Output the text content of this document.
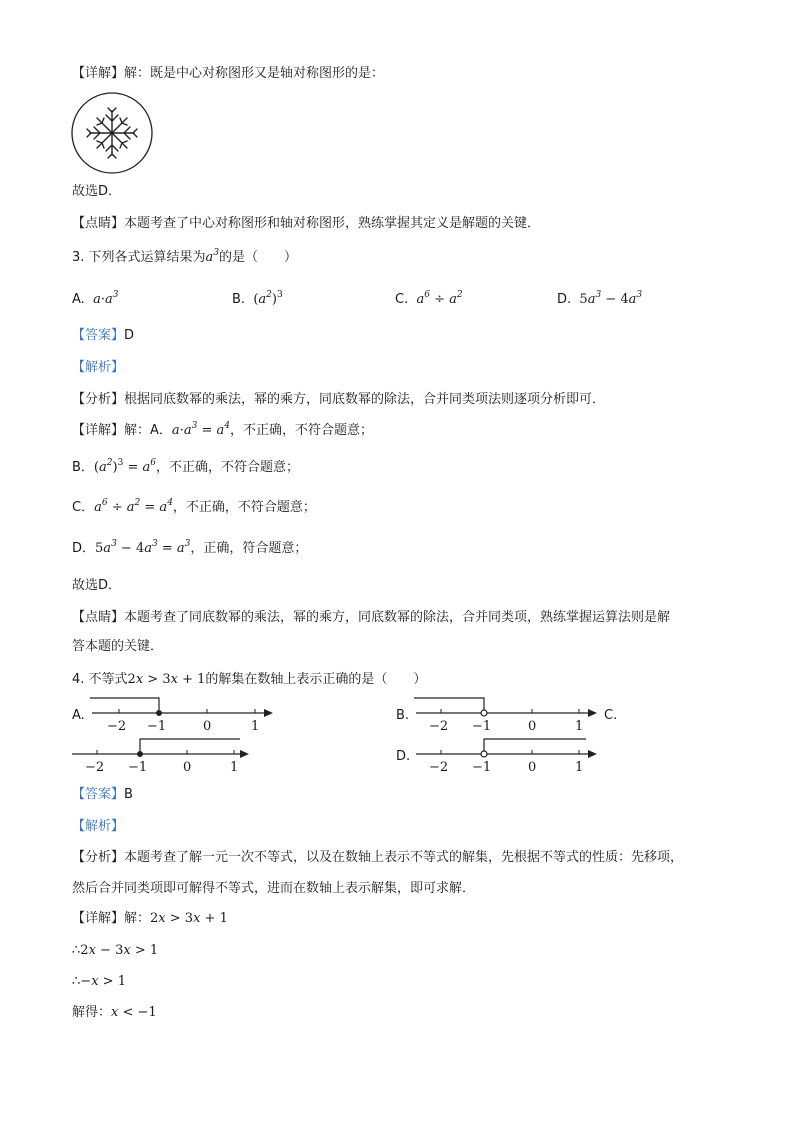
【详解】解：既是中心对称图形又是轴对称图形的是：
故选D．
【点睛】本题考查了中心对称图形和轴对称图形，熟练掌握其定义是解题的关键．
3. 下列各式运算结果为$a^3$的是（　　）
A. $a\cdot a^3$	B. $(a^2)^3$	C. $a^6 \div a^2$	D. $5a^3 - 4a^3$
【答案】D
【解析】
【分析】根据同底数幂的乘法，幂的乘方，同底数幂的除法，合并同类项法则逐项分析即可．
【详解】解：A．$a\cdot a^3 = a^4$，不正确，不符合题意；
B．$(a^2)^3 = a^6$，不正确，不符合题意；
C．$a^6 \div a^2 = a^4$，不正确，不符合题意；
D．$5a^3 - 4a^3 = a^3$，正确，符合题意；
故选D．
【点睛】本题考查了同底数幂的乘法，幂的乘方，同底数幂的除法，合并同类项，熟练掌握运算法则是解
答本题的关键．
4. 不等式2x > 3x + 1的解集在数轴上表示正确的是（　　）
A.
−2 −1	0	1
B.
−2 −1	0	1
C.
−2 −1	0	1
D.
−2 −1	0	1
【答案】B
【解析】
【分析】本题考查了解一元一次不等式，以及在数轴上表示不等式的解集，先根据不等式的性质：先移项，
然后合并同类项即可解得不等式，进而在数轴上表示解集，即可求解．
【详解】解：2x > 3x + 1
∴2x − 3x > 1
∴−x > 1
解得：x < −1
